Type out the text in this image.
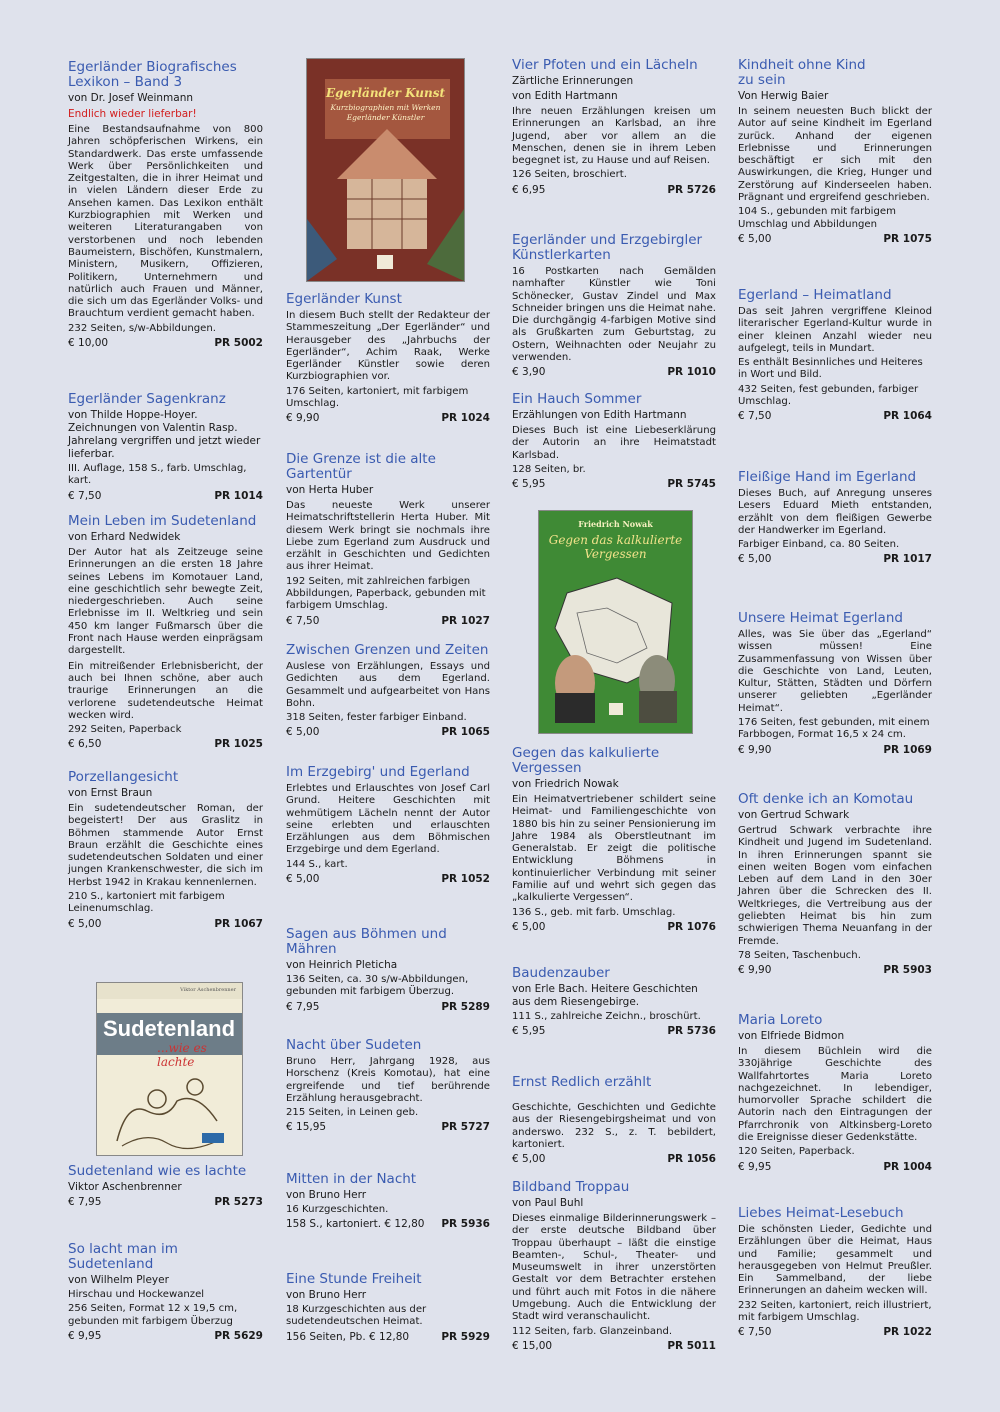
Egerländer Biografisches Lexikon – Band 3

von Dr. Josef Weinmann

Endlich wieder lieferbar!

Eine Bestandsaufnahme von 800 Jahren schöpferischen Wirkens, ein Standardwerk. Das erste umfassende Werk über Persönlichkeiten und Zeitgestalten, die in ihrer Heimat und in vielen Ländern dieser Erde zu Ansehen kamen. Das Lexikon enthält Kurzbiographien mit Werken und weiteren Literaturangaben von verstorbenen und noch lebenden Baumeistern, Bischöfen, Kunstmalern, Ministern, Musikern, Offizieren, Politikern, Unternehmern und natürlich auch Frauen und Männer, die sich um das Egerländer Volks- und Brauchtum verdient gemacht haben.

232 Seiten, s/w-Abbildungen.

€ 10,00	PR 5002

Egerländer Sagenkranz

von Thilde Hoppe-Hoyer. Zeichnungen von Valentin Rasp. Jahrelang vergriffen und jetzt wieder lieferbar.

III. Auflage, 158 S., farb. Umschlag, kart.

€ 7,50	PR 1014

Mein Leben im Sudetenland

von Erhard Nedwidek

Der Autor hat als Zeitzeuge seine Erinnerungen an die ersten 18 Jahre seines Lebens im Komotauer Land, eine geschichtlich sehr bewegte Zeit, niedergeschrieben. Auch seine Erlebnisse im II. Weltkrieg und sein 450 km langer Fußmarsch über die Front nach Hause werden einprägsam dargestellt.

Ein mitreißender Erlebnisbericht, der auch bei Ihnen schöne, aber auch traurige Erinnerungen an die verlorene sudetendeutsche Heimat wecken wird.

292 Seiten, Paperback

€ 6,50	PR 1025

Porzellangesicht

von Ernst Braun

Ein sudetendeutscher Roman, der begeistert! Der aus Graslitz in Böhmen stammende Autor Ernst Braun erzählt die Geschichte eines sudetendeutschen Soldaten und einer jungen Krankenschwester, die sich im Herbst 1942 in Krakau kennenlernen.

210 S., kartoniert mit farbigem Leinenumschlag.

€ 5,00	PR 1067
Viktor Aschenbrenner
Sudetenland
...wie es lachte

Sudetenland wie es lachte

Viktor Aschenbrenner

€ 7,95	PR 5273

So lacht man im Sudetenland

von Wilhelm Pleyer

Hirschau und Hockewanzel

256 Seiten, Format 12 x 19,5 cm, gebunden mit farbigem Überzug

€ 9,95	PR 5629
Egerländer Kunst
Kurzbiographien mit Werken Egerländer Künstler

Egerländer Kunst

In diesem Buch stellt der Redakteur der Stammeszeitung „Der Egerländer“ und Herausgeber des „Jahrbuchs der Egerländer“, Achim Raak, Werke Egerländer Künstler sowie deren Kurzbiographien vor.

176 Seiten, kartoniert, mit farbigem Umschlag.

€ 9,90	PR 1024

Die Grenze ist die alte Gartentür

von Herta Huber

Das neueste Werk unserer Heimatschriftstellerin Herta Huber. Mit diesem Werk bringt sie nochmals ihre Liebe zum Egerland zum Ausdruck und erzählt in Geschichten und Gedichten aus ihrer Heimat.

192 Seiten, mit zahlreichen farbigen Abbildungen, Paperback, gebunden mit farbigem Umschlag.

€ 7,50	PR 1027

Zwischen Grenzen und Zeiten

Auslese von Erzählungen, Essays und Gedichten aus dem Egerland. Gesammelt und aufgearbeitet von Hans Bohn.

318 Seiten, fester farbiger Einband.

€ 5,00	PR 1065

Im Erzgebirg' und Egerland

Erlebtes und Erlauschtes von Josef Carl Grund. Heitere Geschichten mit wehmütigem Lächeln nennt der Autor seine erlebten und erlauschten Erzählungen aus dem Böhmischen Erzgebirge und dem Egerland.

144 S., kart.

€ 5,00	PR 1052

Sagen aus Böhmen und Mähren

von Heinrich Pleticha

136 Seiten, ca. 30 s/w-Abbildungen, gebunden mit farbigem Überzug.

€ 7,95	PR 5289

Nacht über Sudeten

Bruno Herr, Jahrgang 1928, aus Horschenz (Kreis Komotau), hat eine ergreifende und tief berührende Erzählung herausgebracht.

215 Seiten, in Leinen geb.

€ 15,95	PR 5727

Mitten in der Nacht

von Bruno Herr

16 Kurzgeschichten.

158 S., kartoniert. € 12,80 PR 5936

Eine Stunde Freiheit

von Bruno Herr

18 Kurzgeschichten aus der sudetendeutschen Heimat.

156 Seiten, Pb. € 12,80	PR 5929

Vier Pfoten und ein Lächeln

Zärtliche Erinnerungen

von Edith Hartmann

Ihre neuen Erzählungen kreisen um Erinnerungen an Karlsbad, an ihre Jugend, aber vor allem an die Menschen, denen sie in ihrem Leben begegnet ist, zu Hause und auf Reisen.

126 Seiten, broschiert.

€ 6,95	PR 5726

Egerländer und Erzgebirgler Künstlerkarten

16 Postkarten nach Gemälden namhafter Künstler wie Toni Schönecker, Gustav Zindel und Max Schneider bringen uns die Heimat nahe. Die durchgängig 4-farbigen Motive sind als Grußkarten zum Geburtstag, zu Ostern, Weihnachten oder Neujahr zu verwenden.

€ 3,90	PR 1010

Ein Hauch Sommer

Erzählungen von Edith Hartmann

Dieses Buch ist eine Liebeserklärung der Autorin an ihre Heimatstadt Karlsbad.

128 Seiten, br.

€ 5,95	PR 5745
Friedrich Nowak
Gegen das kalkulierte Vergessen

Gegen das kalkulierte Vergessen

von Friedrich Nowak

Ein Heimatvertriebener schildert seine Heimat- und Familiengeschichte von 1880 bis hin zu seiner Pensionierung im Jahre 1984 als Oberstleutnant im Generalstab. Er zeigt die politische Entwicklung Böhmens in kontinuierlicher Verbindung mit seiner Familie auf und wehrt sich gegen das „kalkulierte Vergessen“.

136 S., geb. mit farb. Umschlag.

€ 5,00	PR 1076

Baudenzauber

von Erle Bach. Heitere Geschichten aus dem Riesengebirge.

111 S., zahlreiche Zeichn., broschürt.

€ 5,95	PR 5736

Ernst Redlich erzählt

Geschichte, Geschichten und Gedichte aus der Riesengebirgsheimat und von anderswo. 232 S., z. T. bebildert, kartoniert.

€ 5,00	PR 1056

Bildband Troppau

von Paul Buhl

Dieses einmalige Bilderinnerungswerk – der erste deutsche Bildband über Troppau überhaupt – läßt die einstige Beamten-, Schul-, Theater- und Museumswelt in ihrer unzerstörten Gestalt vor dem Betrachter erstehen und führt auch mit Fotos in die nähere Umgebung. Auch die Entwicklung der Stadt wird veranschaulicht.

112 Seiten, farb. Glanzeinband.

€ 15,00	PR 5011

Kindheit ohne Kind zu sein

Von Herwig Baier

In seinem neuesten Buch blickt der Autor auf seine Kindheit im Egerland zurück. Anhand der eigenen Erlebnisse und Erinnerungen beschäftigt er sich mit den Auswirkungen, die Krieg, Hunger und Zerstörung auf Kinderseelen haben. Prägnant und ergreifend geschrieben.

104 S., gebunden mit farbigem Umschlag und Abbildungen

€ 5,00	PR 1075

Egerland – Heimatland

Das seit Jahren vergriffene Kleinod literarischer Egerland-Kultur wurde in einer kleinen Anzahl wieder neu aufgelegt, teils in Mundart.

Es enthält Besinnliches und Heiteres in Wort und Bild.

432 Seiten, fest gebunden, farbiger Umschlag.

€ 7,50	PR 1064

Fleißige Hand im Egerland

Dieses Buch, auf Anregung unseres Lesers Eduard Mieth entstanden, erzählt von dem fleißigen Gewerbe der Handwerker im Egerland.

Farbiger Einband, ca. 80 Seiten.

€ 5,00	PR 1017

Unsere Heimat Egerland

Alles, was Sie über das „Egerland“ wissen müssen! Eine Zusammenfassung von Wissen über die Geschichte von Land, Leuten, Kultur, Stätten, Städten und Dörfern unserer geliebten „Egerländer Heimat“.

176 Seiten, fest gebunden, mit einem Farbbogen, Format 16,5 x 24 cm.

€ 9,90	PR 1069

Oft denke ich an Komotau

von Gertrud Schwark

Gertrud Schwark verbrachte ihre Kindheit und Jugend im Sudetenland. In ihren Erinnerungen spannt sie einen weiten Bogen vom einfachen Leben auf dem Land in den 30er Jahren über die Schrecken des II. Weltkrieges, die Vertreibung aus der geliebten Heimat bis hin zum schwierigen Thema Neuanfang in der Fremde.

78 Seiten, Taschenbuch.

€ 9,90	PR 5903

Maria Loreto

von Elfriede Bidmon

In diesem Büchlein wird die 330jährige Geschichte des Wallfahrtortes Maria Loreto nachgezeichnet. In lebendiger, humorvoller Sprache schildert die Autorin nach den Eintragungen der Pfarrchronik von Altkinsberg-Loreto die Ereignisse dieser Gedenkstätte.

120 Seiten, Paperback.

€ 9,95	PR 1004

Liebes Heimat-Lesebuch

Die schönsten Lieder, Gedichte und Erzählungen über die Heimat, Haus und Familie; gesammelt und herausgegeben von Helmut Preußler. Ein Sammelband, der liebe Erinnerungen an daheim wecken will.

232 Seiten, kartoniert, reich illustriert, mit farbigem Umschlag.

€ 7,50	PR 1022
